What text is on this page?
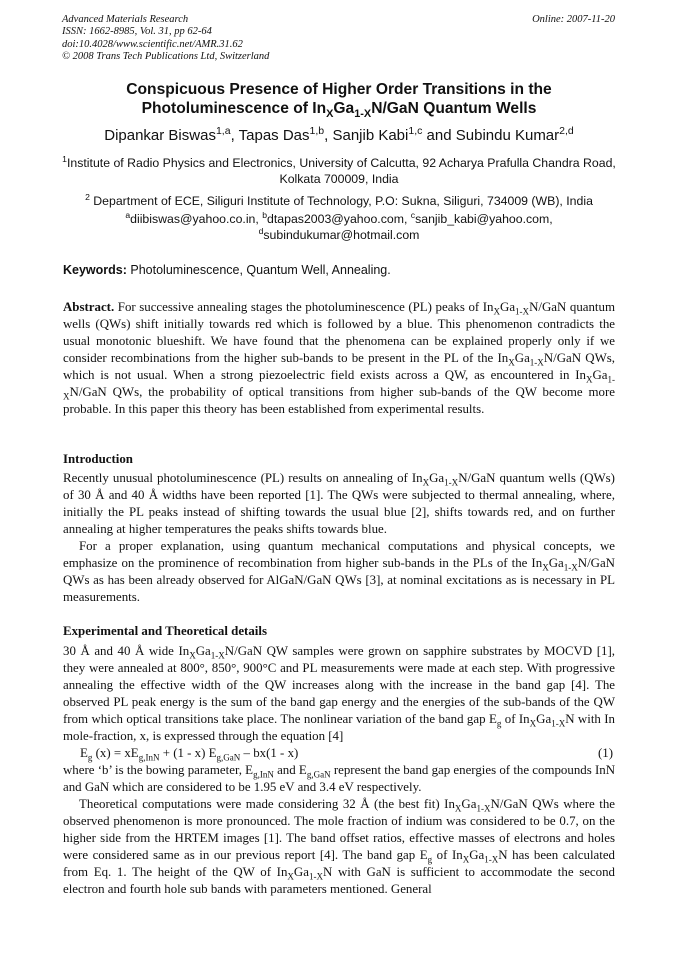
Advanced Materials Research
ISSN: 1662-8985, Vol. 31, pp 62-64
doi:10.4028/www.scientific.net/AMR.31.62
© 2008 Trans Tech Publications Ltd, Switzerland
Online: 2007-11-20
Conspicuous Presence of Higher Order Transitions in the
Photoluminescence of $In_XGa_{1-X}N$/GaN Quantum Wells
Dipankar Biswas$^{1,a}$, Tapas Das$^{1,b}$, Sanjib Kabi$^{1,c}$ and Subindu Kumar$^{2,d}$
$^1$Institute of Radio Physics and Electronics, University of Calcutta, 92 Acharya Prafulla Chandra Road, Kolkata 700009, India
$^2$ Department of ECE, Siliguri Institute of Technology, P.O: Sukna, Siliguri, 734009 (WB), India
$^a$diibiswas@yahoo.co.in, $^b$dtapas2003@yahoo.com, $^c$sanjib_kabi@yahoo.com,
$^d$subindukumar@hotmail.com
Keywords: Photoluminescence, Quantum Well, Annealing.
Abstract. For successive annealing stages the photoluminescence (PL) peaks of $In_XGa_{1-X}N$/GaN quantum wells (QWs) shift initially towards red which is followed by a blue. This phenomenon contradicts the usual monotonic blueshift. We have found that the phenomena can be explained properly only if we consider recombinations from the higher sub-bands to be present in the PL of the $In_XGa_{1-X}N$/GaN QWs, which is not usual. When a strong piezoelectric field exists across a QW, as encountered in $In_XGa_{1-X}N$/GaN QWs, the probability of optical transitions from higher sub-bands of the QW become more probable. In this paper this theory has been established from experimental results.
Introduction
Recently unusual photoluminescence (PL) results on annealing of $In_XGa_{1-X}N$/GaN quantum wells (QWs) of 30 Å and 40 Å widths have been reported [1]. The QWs were subjected to thermal annealing, where, initially the PL peaks instead of shifting towards the usual blue [2], shifts towards red, and on further annealing at higher temperatures the peaks shifts towards blue.
For a proper explanation, using quantum mechanical computations and physical concepts, we emphasize on the prominence of recombination from higher sub-bands in the PLs of the $In_XGa_{1-X}N$/GaN QWs as has been already observed for AlGaN/GaN QWs [3], at nominal excitations as is necessary in PL measurements.
Experimental and Theoretical details
30 Å and 40 Å wide $In_XGa_{1-X}N$/GaN QW samples were grown on sapphire substrates by MOCVD [1], they were annealed at 800°, 850°, 900°C and PL measurements were made at each step. With progressive annealing the effective width of the QW increases along with the increase in the band gap [4]. The observed PL peak energy is the sum of the band gap energy and the energies of the sub-bands of the QW from which optical transitions take place. The nonlinear variation of the band gap $E_g$ of $In_XGa_{1-X}N$ with In mole-fraction, x, is expressed through the equation [4]
$E_g$ $(x) = xE_{g,InN} + (1 - x)$ $E_{g,GaN} - bx(1 - x)$	(1)
where ‘b’ is the bowing parameter, $E_{g,InN}$ and $E_{g,GaN}$ represent the band gap energies of the compounds InN and GaN which are considered to be 1.95 eV and 3.4 eV respectively.
Theoretical computations were made considering 32 Å (the best fit) $In_XGa_{1-X}N$/GaN QWs where the observed phenomenon is more pronounced. The mole fraction of indium was considered to be 0.7, on the higher side from the HRTEM images [1]. The band offset ratios, effective masses of electrons and holes were considered same as in our previous report [4]. The band gap $E_g$ of $In_XGa_{1-X}N$ has been calculated from Eq. 1. The height of the QW of $In_XGa_{1-X}N$ with GaN is sufficient to accommodate the second electron and fourth hole sub bands with parameters mentioned. General
